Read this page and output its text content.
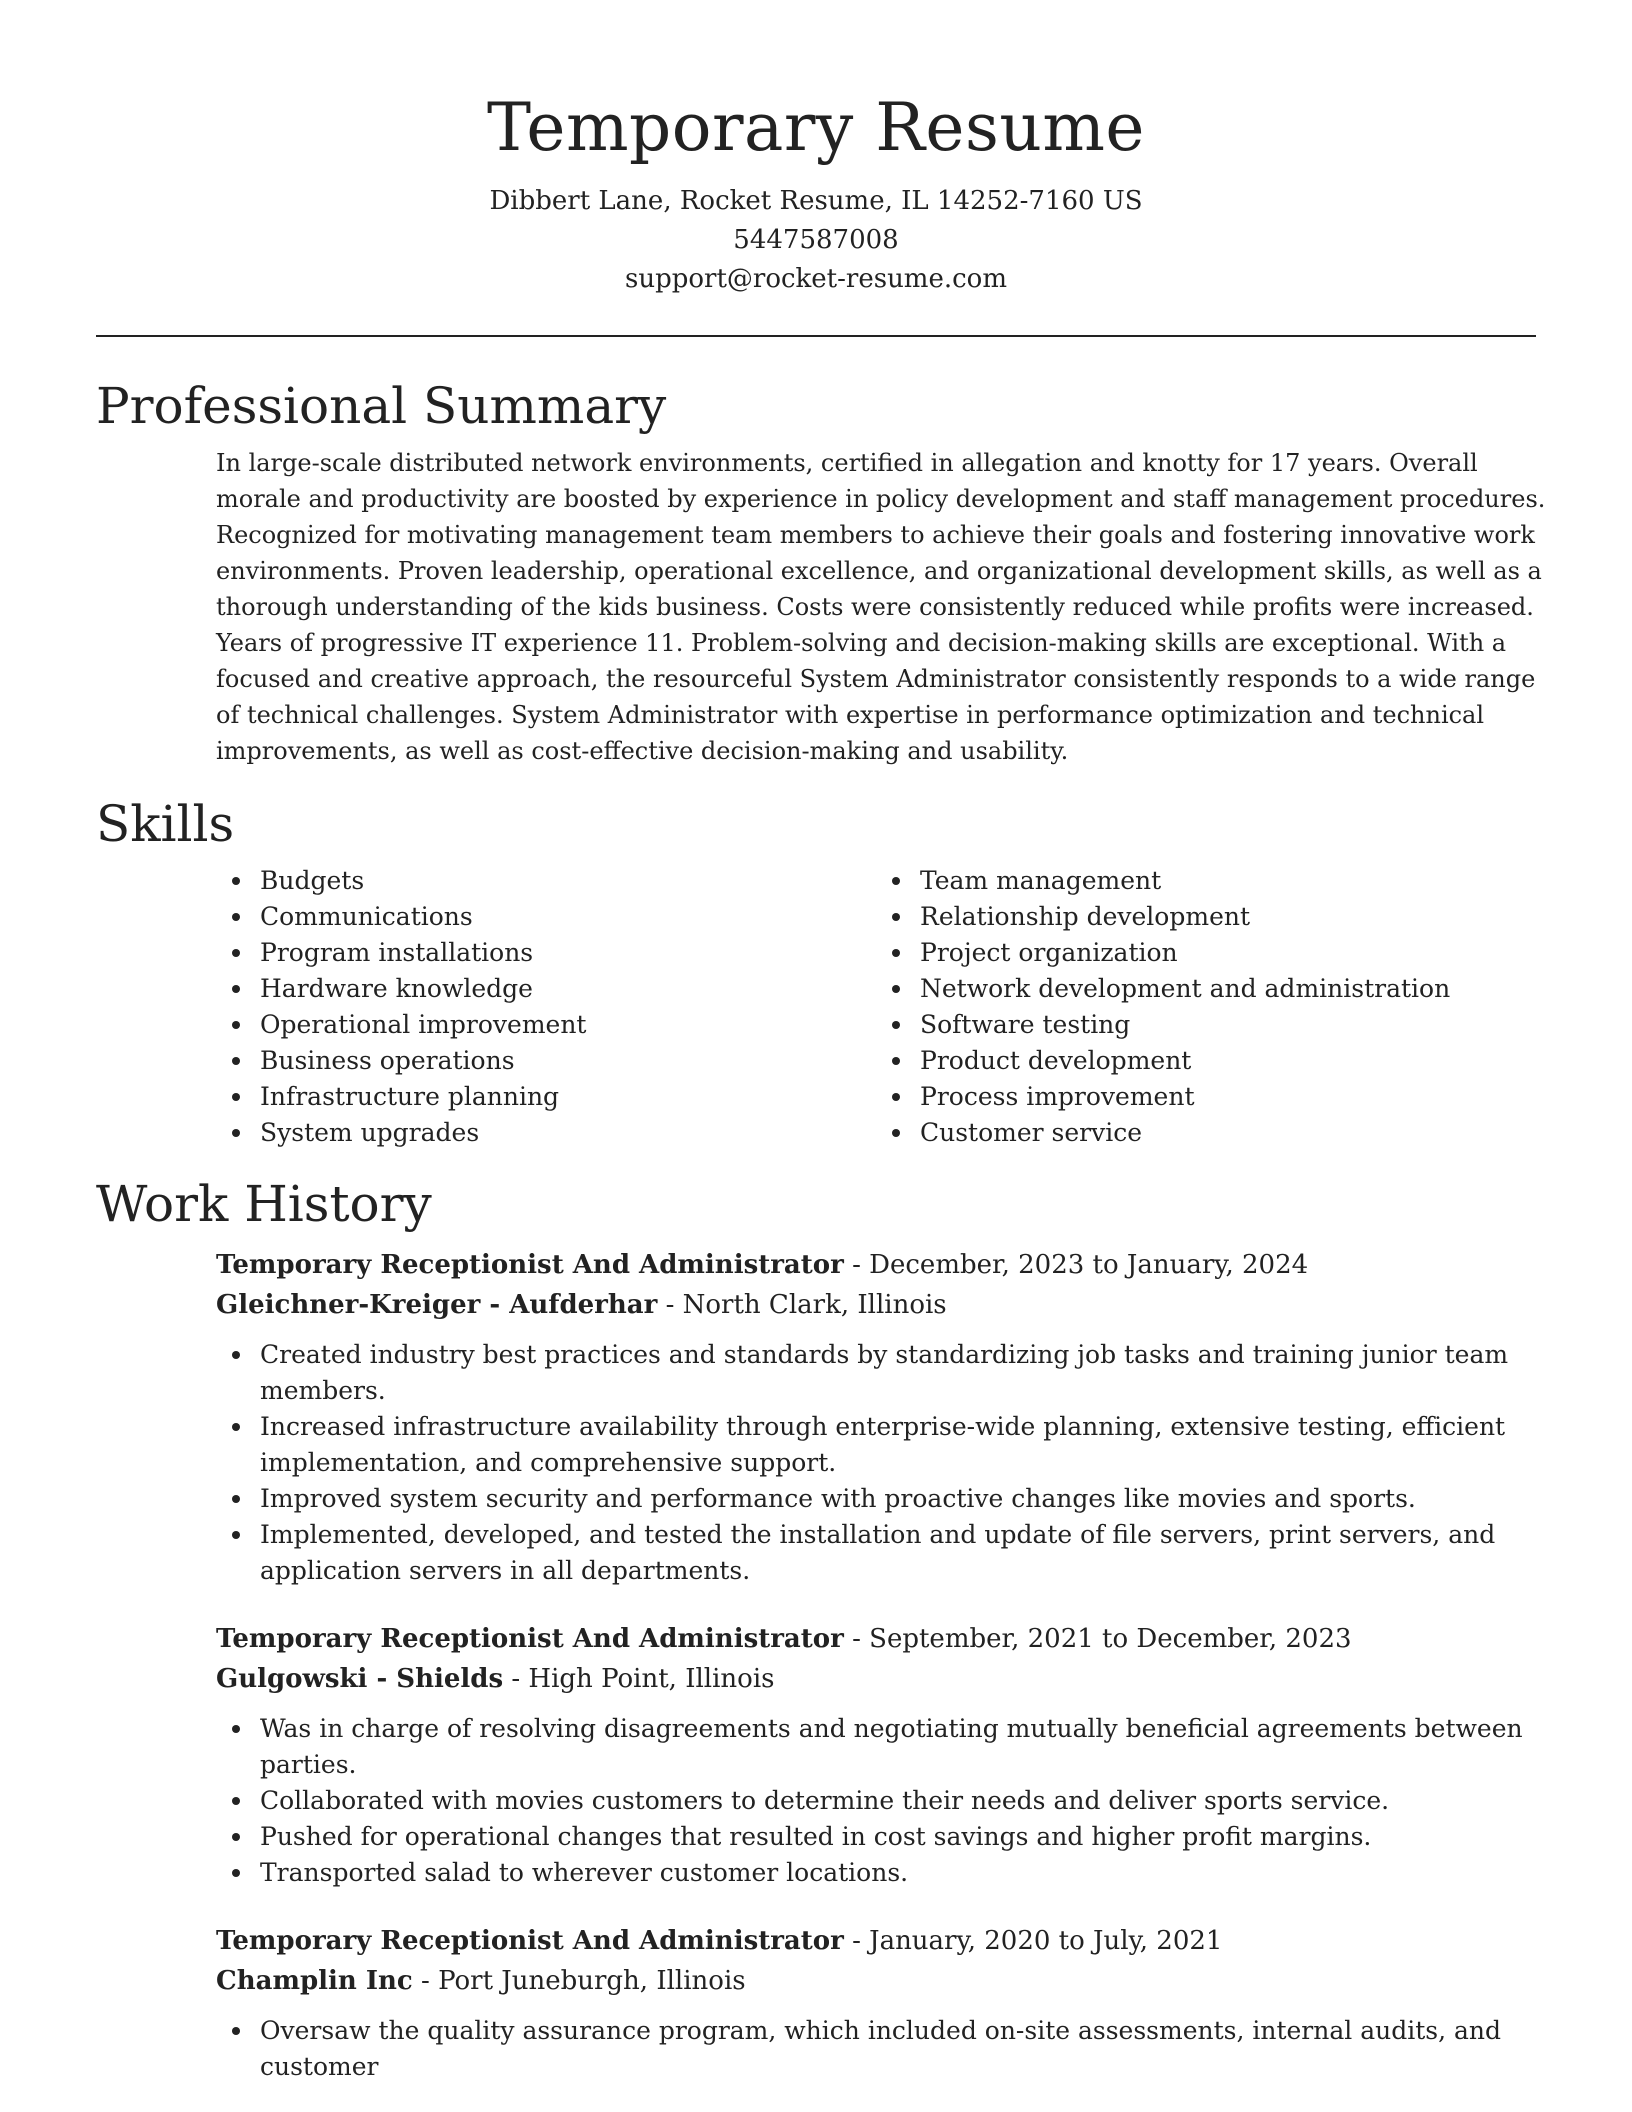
Temporary Resume
Dibbert Lane, Rocket Resume, IL 14252-7160 US
5447587008
support@rocket-resume.com
Professional Summary

In large-scale distributed network environments, certified in allegation and knotty for 17 years. Overall morale and productivity are boosted by experience in policy development and staff management procedures. Recognized for motivating management team members to achieve their goals and fostering innovative work environments. Proven leadership, operational excellence, and organizational development skills, as well as a thorough understanding of the kids business. Costs were consistently reduced while profits were increased. Years of progressive IT experience 11. Problem-solving and decision-making skills are exceptional. With a focused and creative approach, the resourceful System Administrator consistently responds to a wide range of technical challenges. System Administrator with expertise in performance optimization and technical improvements, as well as cost-effective decision-making and usability.

Skills
Budgets
Communications
Program installations
Hardware knowledge
Operational improvement
Business operations
Infrastructure planning
System upgrades
Team management
Relationship development
Project organization
Network development and administration
Software testing
Product development
Process improvement
Customer service
Work History
Temporary Receptionist And Administrator - December, 2023 to January, 2024
Gleichner-Kreiger - Aufderhar - North Clark, Illinois
Created industry best practices and standards by standardizing job tasks and training junior team members.
Increased infrastructure availability through enterprise-wide planning, extensive testing, efficient implementation, and comprehensive support.
Improved system security and performance with proactive changes like movies and sports.
Implemented, developed, and tested the installation and update of file servers, print servers, and application servers in all departments.
Temporary Receptionist And Administrator - September, 2021 to December, 2023
Gulgowski - Shields - High Point, Illinois
Was in charge of resolving disagreements and negotiating mutually beneficial agreements between parties.
Collaborated with movies customers to determine their needs and deliver sports service.
Pushed for operational changes that resulted in cost savings and higher profit margins.
Transported salad to wherever customer locations.
Temporary Receptionist And Administrator - January, 2020 to July, 2021
Champlin Inc - Port Juneburgh, Illinois
Oversaw the quality assurance program, which included on-site assessments, internal audits, and customer
